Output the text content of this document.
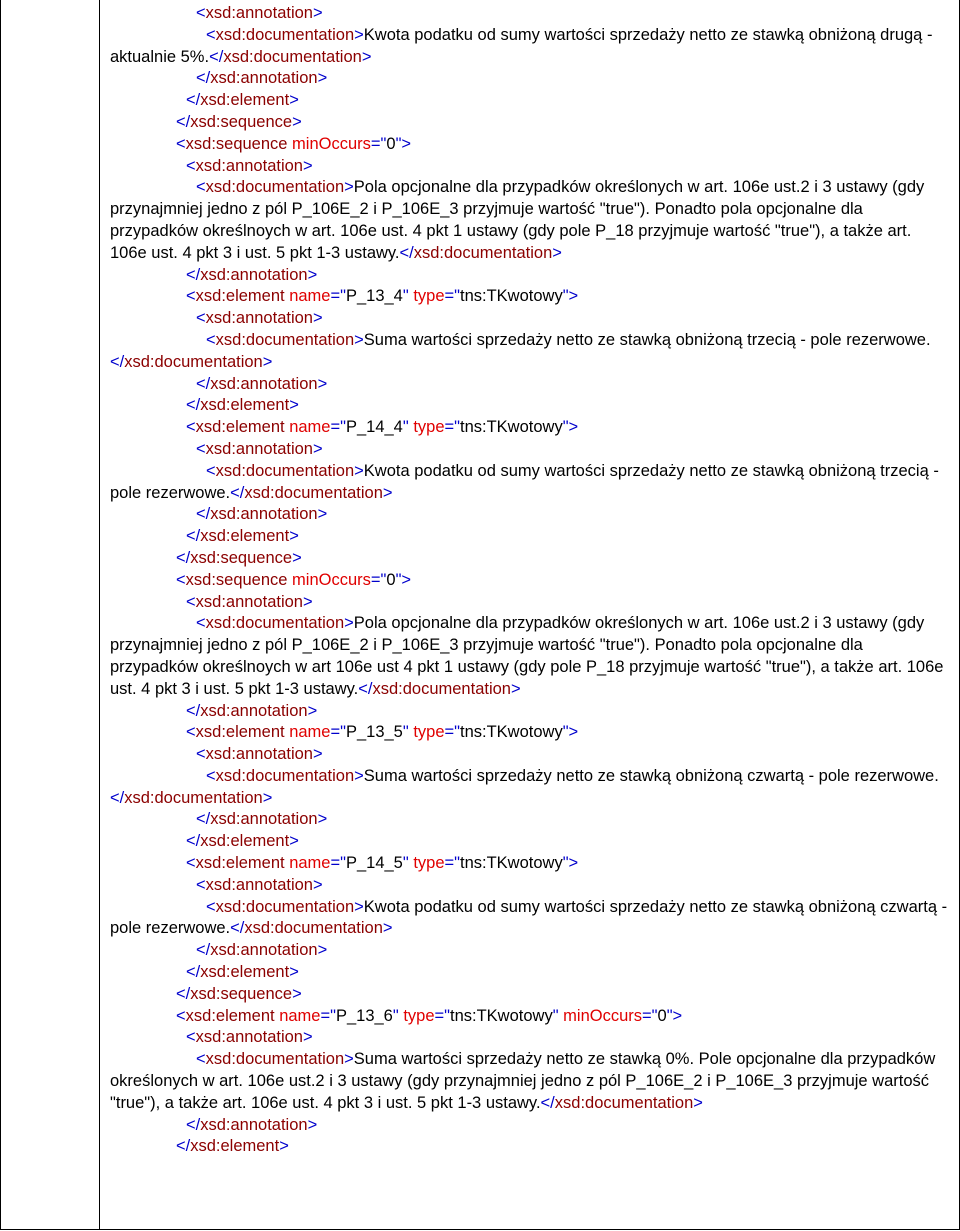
<xsd:annotation>
<xsd:documentation>Kwota podatku od sumy wartości sprzedaży netto ze stawką obniżoną drugą - aktualnie 5%.</xsd:documentation>
</xsd:annotation>
</xsd:element>
</xsd:sequence>
<xsd:sequence minOccurs="0">
<xsd:annotation>
<xsd:documentation>Pola opcjonalne dla przypadków określonych w art. 106e ust.2 i 3 ustawy (gdy przynajmniej jedno z pól P_106E_2 i P_106E_3 przyjmuje wartość "true"). Ponadto pola opcjonalne dla przypadków określnoych w art. 106e ust. 4 pkt 1 ustawy (gdy pole P_18 przyjmuje wartość "true"), a także art. 106e ust. 4 pkt 3 i ust. 5 pkt 1-3 ustawy.</xsd:documentation>
</xsd:annotation>
<xsd:element name="P_13_4" type="tns:TKwotowy">
<xsd:annotation>
<xsd:documentation>Suma wartości sprzedaży netto ze stawką obniżoną trzecią - pole rezerwowe.</xsd:documentation>
</xsd:annotation>
</xsd:element>
<xsd:element name="P_14_4" type="tns:TKwotowy">
<xsd:annotation>
<xsd:documentation>Kwota podatku od sumy wartości sprzedaży netto ze stawką obniżoną trzecią - pole rezerwowe.</xsd:documentation>
</xsd:annotation>
</xsd:element>
</xsd:sequence>
<xsd:sequence minOccurs="0">
<xsd:annotation>
<xsd:documentation>Pola opcjonalne dla przypadków określonych w art. 106e ust.2 i 3 ustawy (gdy przynajmniej jedno z pól P_106E_2 i P_106E_3 przyjmuje wartość "true"). Ponadto pola opcjonalne dla przypadków określnoych w art 106e ust 4 pkt 1 ustawy (gdy pole P_18 przyjmuje wartość "true"), a także art. 106e ust. 4 pkt 3 i ust. 5 pkt 1-3 ustawy.</xsd:documentation>
</xsd:annotation>
<xsd:element name="P_13_5" type="tns:TKwotowy">
<xsd:annotation>
<xsd:documentation>Suma wartości sprzedaży netto ze stawką obniżoną czwartą - pole rezerwowe. </xsd:documentation>
</xsd:annotation>
</xsd:element>
<xsd:element name="P_14_5" type="tns:TKwotowy">
<xsd:annotation>
<xsd:documentation>Kwota podatku od sumy wartości sprzedaży netto ze stawką obniżoną czwartą - pole rezerwowe.</xsd:documentation>
</xsd:annotation>
</xsd:element>
</xsd:sequence>
<xsd:element name="P_13_6" type="tns:TKwotowy" minOccurs="0">
<xsd:annotation>
<xsd:documentation>Suma wartości sprzedaży netto ze stawką 0%. Pole opcjonalne dla przypadków określonych w art. 106e ust.2 i 3 ustawy (gdy przynajmniej jedno z pól P_106E_2 i P_106E_3 przyjmuje wartość "true"), a także art. 106e ust. 4 pkt 3 i ust. 5 pkt 1-3 ustawy.</xsd:documentation>
</xsd:annotation>
</xsd:element>
